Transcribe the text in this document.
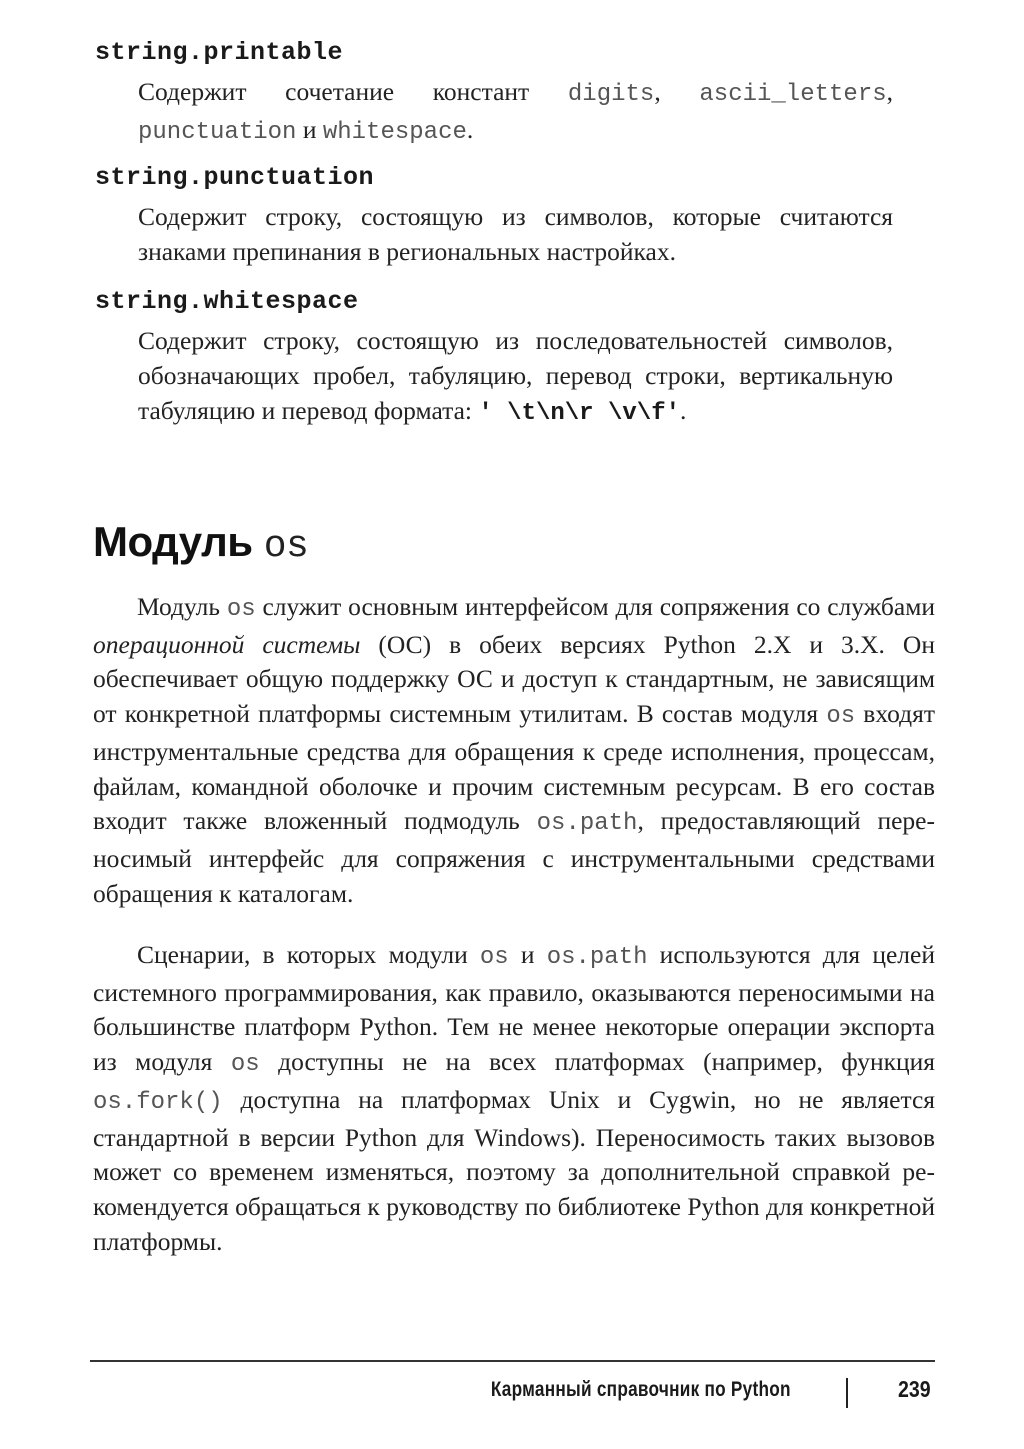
string.printable
Содержит сочетание констант digits, ascii_letters, punctuation и whitespace.
string.punctuation
Содержит строку, состоящую из символов, которые считаются знаками препинания в региональных настройках.
string.whitespace
Содержит строку, состоящую из последовательностей символов, обозначающих пробел, табуляцию, перевод строки, вертикальную табуляцию и перевод формата: ' \t\n\r \v\f'.
Модуль os
Модуль os служит основным интерфейсом для сопряжения со службами операционной системы (ОС) в обеих версиях Python 2.X и 3.X. Он обеспечивает общую поддержку ОС и доступ к стандартным, не зависящим от конкретной платформы системным утилитам. В состав модуля os входят инструментальные средства для обращения к среде исполнения, процессам, файлам, командной оболочке и прочим системным ресурсам. В его состав входит также вложенный подмодуль os.path, предоставляющий переносимый интерфейс для сопряжения с инструментальными средствами обращения к каталогам.
Сценарии, в которых модули os и os.path используются для целей системного программирования, как правило, оказываются переносимыми на большинстве платформ Python. Тем не менее некоторые операции экспорта из модуля os доступны не на всех платформах (например, функция os.fork() доступна на платформах Unix и Cygwin, но не является стандартной в версии Python для Windows). Переносимость таких вызовов может со временем изменяться, поэтому за дополнительной справкой рекомендуется обращаться к руководству по библиотеке Python для конкретной платформы.
Карманный справочник по Python	239
